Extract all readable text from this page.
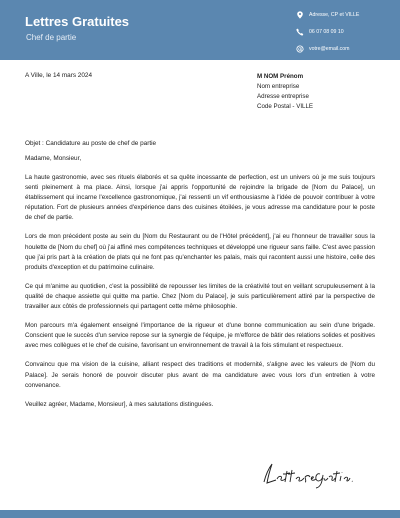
Lettres Gratuites
Chef de partie
Adresse, CP et VILLE
06 07 08 09 10
votre@email.com
A Ville, le 14 mars 2024	M NOM Prénom
Nom entreprise
Adresse entreprise
Code Postal - VILLE
Objet : Candidature au poste de chef de partie
Madame, Monsieur,

La haute gastronomie, avec ses rituels élaborés et sa quête incessante de perfection, est un univers où je me suis toujours senti pleinement à ma place. Ainsi, lorsque j'ai appris l'opportunité de rejoindre la brigade de [Nom du Palace], un établissement qui incarne l'excellence gastronomique, j'ai ressenti un vif enthousiasme à l'idée de pouvoir contribuer à votre réputation. Fort de plusieurs années d'expérience dans des cuisines étoilées, je vous adresse ma candidature pour le poste de chef de partie.

Lors de mon précédent poste au sein du [Nom du Restaurant ou de l'Hôtel précédent], j'ai eu l'honneur de travailler sous la houlette de [Nom du chef] où j'ai affiné mes compétences techniques et développé une rigueur sans faille. C'est avec passion que j'ai pris part à la création de plats qui ne font pas qu'enchanter les palais, mais qui racontent aussi une histoire, celle des produits d'exception et du patrimoine culinaire.

Ce qui m'anime au quotidien, c'est la possibilité de repousser les limites de la créativité tout en veillant scrupuleusement à la qualité de chaque assiette qui quitte ma partie. Chez [Nom du Palace], je suis particulièrement attiré par la perspective de travailler aux côtés de professionnels qui partagent cette même philosophie.

Mon parcours m'a également enseigné l'importance de la rigueur et d'une bonne communication au sein d'une brigade. Conscient que le succès d'un service repose sur la synergie de l'équipe, je m'efforce de bâtir des relations solides et positives avec mes collègues et le chef de cuisine, favorisant un environnement de travail à la fois stimulant et respectueux.

Convaincu que ma vision de la cuisine, alliant respect des traditions et modernité, s'aligne avec les valeurs de [Nom du Palace]. Je serais honoré de pouvoir discuter plus avant de ma candidature avec vous lors d'un entretien à votre convenance.

Veuillez agréer, Madame, Monsieur], à mes salutations distinguées.
